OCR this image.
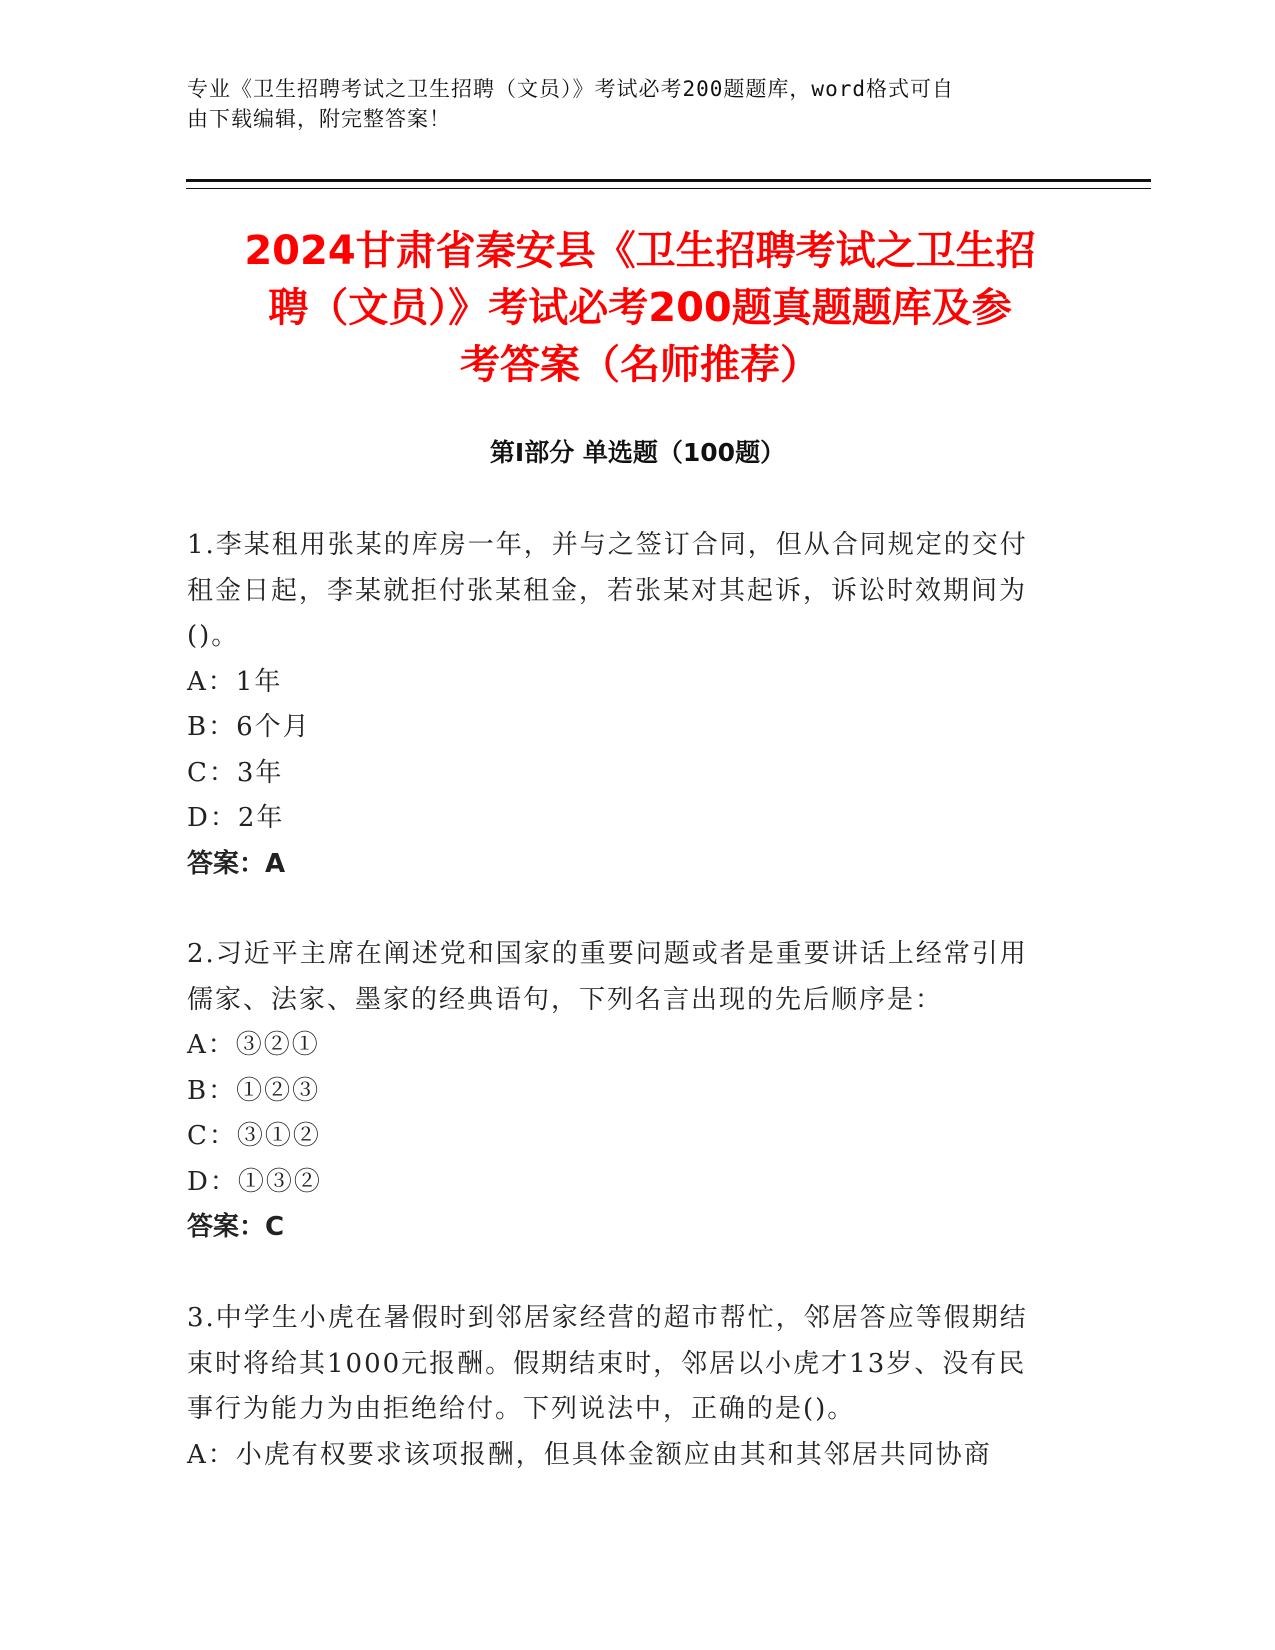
专业《卫生招聘考试之卫生招聘（文员）》考试必考200题题库，word格式可自
由下载编辑，附完整答案！
2024甘肃省秦安县《卫生招聘考试之卫生招
聘（文员）》考试必考200题真题题库及参
考答案（名师推荐）
第Ⅰ部分 单选题（100题）
1.李某租用张某的库房一年，并与之签订合同，但从合同规定的交付
租金日起，李某就拒付张某租金，若张某对其起诉，诉讼时效期间为
()。
A：1年
B：6个月
C：3年
D：2年
答案：A
2.习近平主席在阐述党和国家的重要问题或者是重要讲话上经常引用
儒家、法家、墨家的经典语句，下列名言出现的先后顺序是：
A：③②①
B：①②③
C：③①②
D：①③②
答案：C
3.中学生小虎在暑假时到邻居家经营的超市帮忙，邻居答应等假期结
束时将给其1000元报酬。假期结束时，邻居以小虎才13岁、没有民
事行为能力为由拒绝给付。下列说法中，正确的是()。
A：小虎有权要求该项报酬，但具体金额应由其和其邻居共同协商
